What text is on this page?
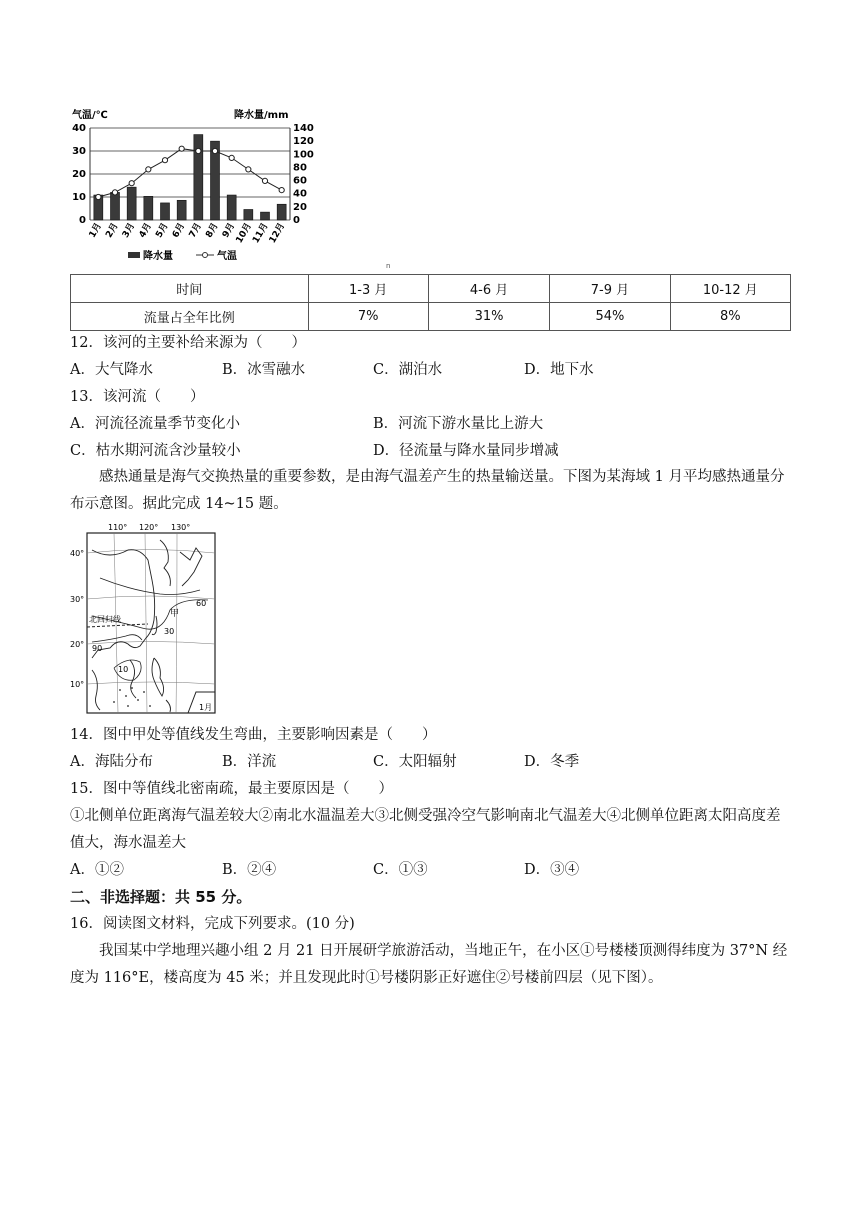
气温/℃	降水量/mm
40
30
20
10
0
140
120
100
80
60
40
20
0
1月 2月 3月 4月 5月 6月 7月 8月 9月
10月
11月
12月
降水量	气温
n
时间	1-3 月	4-6 月	7-9 月	10-12 月
流量占全年比例	7%	31%	54%	8%
12．该河的主要补给来源为（　　）
A．大气降水	B．冰雪融水	C．湖泊水	D．地下水
13．该河流（　　）
A．河流径流量季节变化小	B．河流下游水量比上游大
C．枯水期河流含沙量较小	D．径流量与降水量同步增减
感热通量是海气交换热量的重要参数，是由海气温差产生的热量输送量。下图为某海域 1 月平均感热通量分布示意图。据此完成 14~15 题。
110° 120° 130°
40°
30°
20°
10°
北回归线
甲
60
30
90
10
1月
14．图中甲处等值线发生弯曲，主要影响因素是（　　）
A．海陆分布	B．洋流	C．太阳辐射	D．冬季
15．图中等值线北密南疏，最主要原因是（　　）
①北侧单位距离海气温差较大②南北水温温差大③北侧受强冷空气影响南北气温差大④北侧单位距离太阳高度差值大，海水温差大
A．①②	B．②④	C．①③	D．③④
二、非选择题：共 55 分。
16．阅读图文材料，完成下列要求。(10 分)
我国某中学地理兴趣小组 2 月 21 日开展研学旅游活动，当地正午，在小区①号楼楼顶测得纬度为 37°N 经度为 116°E，楼高度为 45 米；并且发现此时①号楼阴影正好遮住②号楼前四层（见下图）。
